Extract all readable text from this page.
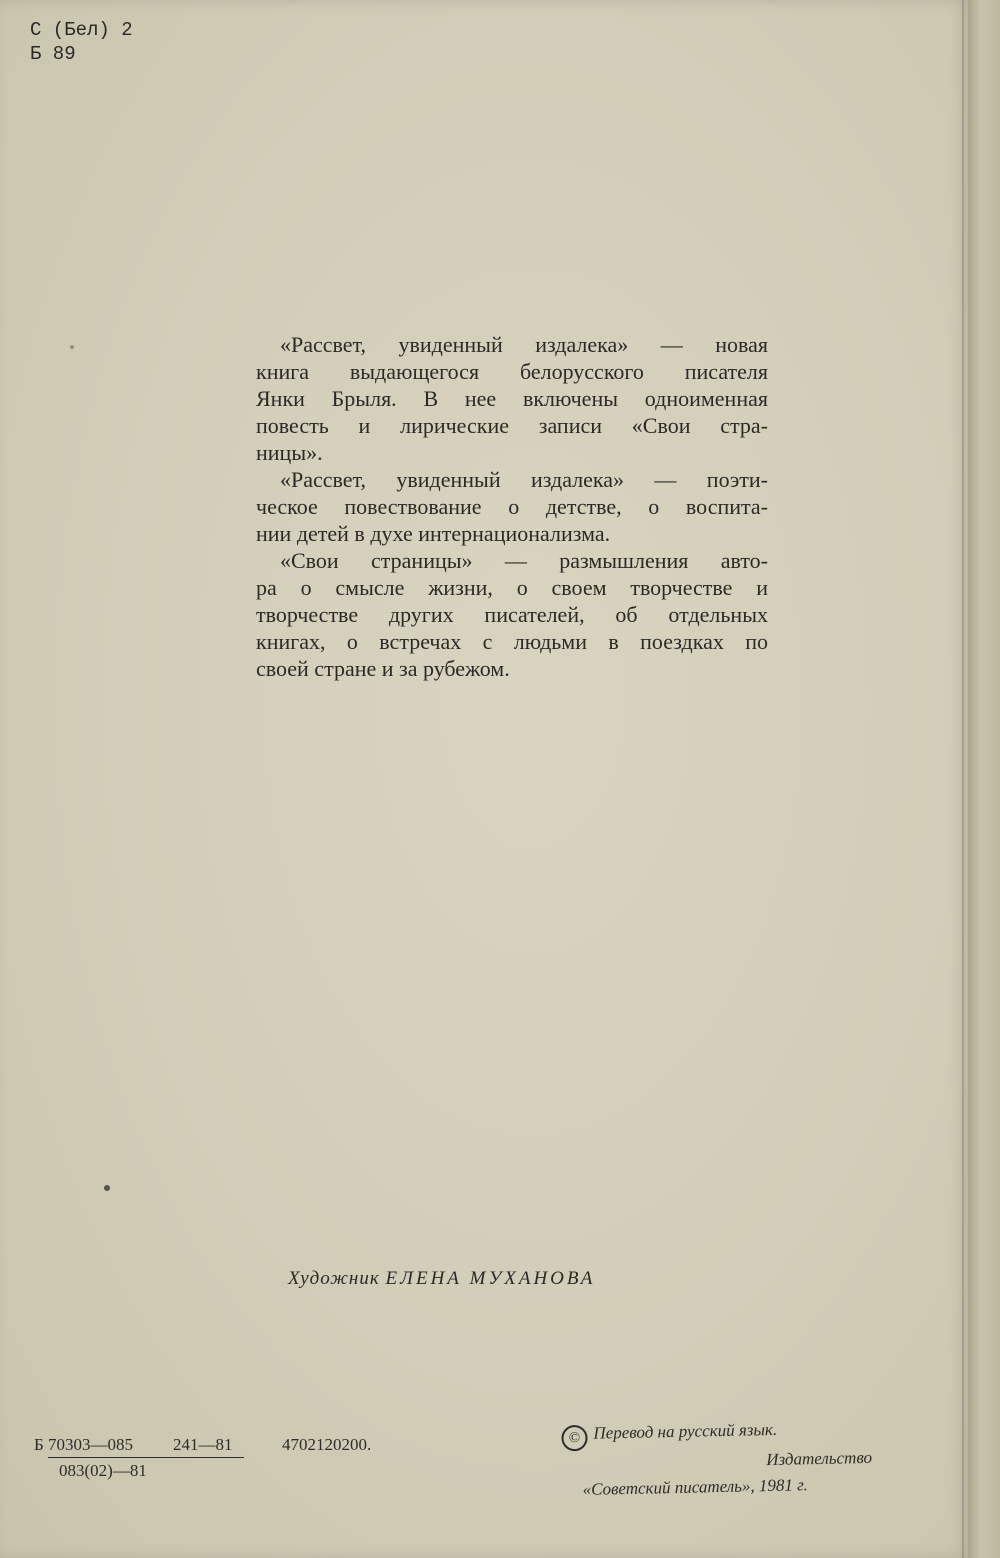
С (Бел) 2
Б 89
«Рассвет, увиденный издалека» — новая
книга выдающегося белорусского писателя
Янки Брыля. В нее включены одноименная
повесть и лирические записи «Свои стра-
ницы».
«Рассвет, увиденный издалека» — поэти-
ческое повествование о детстве, о воспита-
нии детей в духе интернационализма.
«Свои страницы» — размышления авто-
ра о смысле жизни, о своем творчестве и
творчестве других писателей, об отдельных
книгах, о встречах с людьми в поездках по
своей стране и за рубежом.
Художник ЕЛЕНА МУХАНОВА
Б 70303—085 241—81	4702120200.
083(02)—81
© Перевод на русский язык.
Издательство
«Советский писатель», 1981 г.
